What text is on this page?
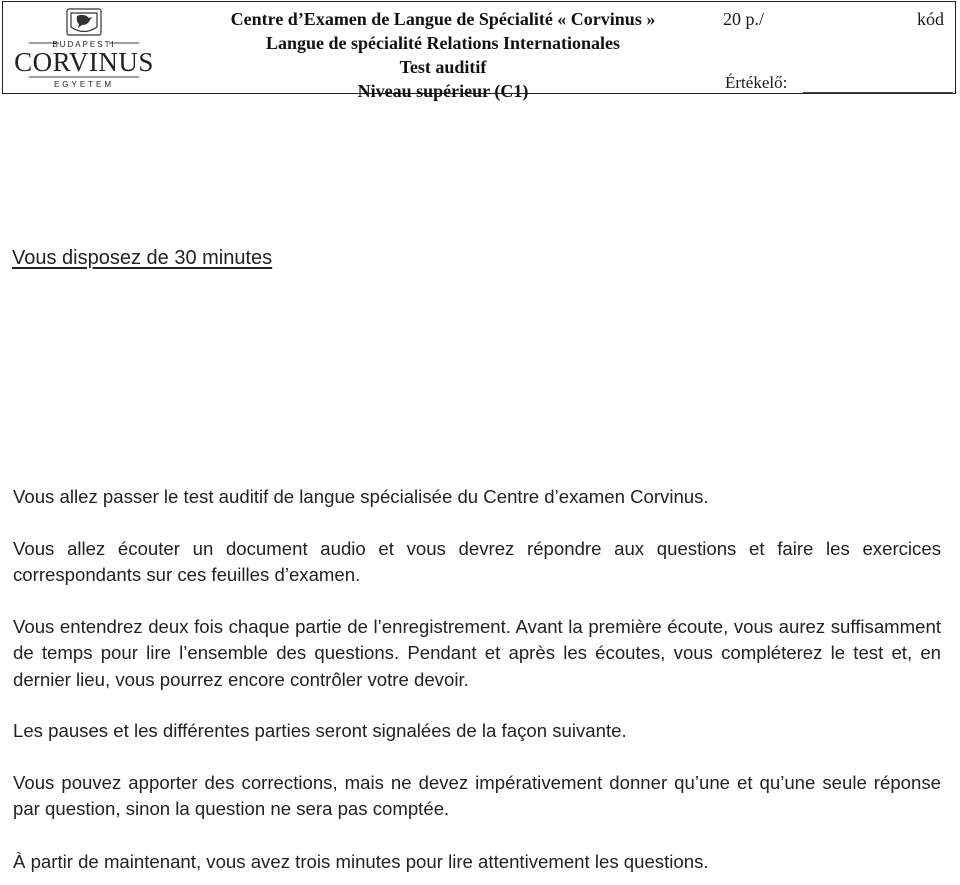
BUDAPESTI
CORVINUS
EGYETEM
Centre d’Examen de Langue de Spécialité « Corvinus »
Langue de spécialité Relations Internationales
Test auditif
Niveau supérieur (C1)
20 p./	kód
Értékelő:
Vous disposez de 30 minutes

Vous allez passer le test auditif de langue spécialisée du Centre d’examen Corvinus.

Vous allez écouter un document audio et vous devrez répondre aux questions et faire les exercices correspondants sur ces feuilles d’examen.

Vous entendrez deux fois chaque partie de l’enregistrement. Avant la première écoute, vous aurez suffisamment de temps pour lire l’ensemble des questions. Pendant et après les écoutes, vous compléterez le test et, en dernier lieu, vous pourrez encore contrôler votre devoir.

Les pauses et les différentes parties seront signalées de la façon suivante.

Vous pouvez apporter des corrections, mais ne devez impérativement donner qu’une et qu’une seule réponse par question, sinon la question ne sera pas comptée.

À partir de maintenant, vous avez trois minutes pour lire attentivement les questions.
